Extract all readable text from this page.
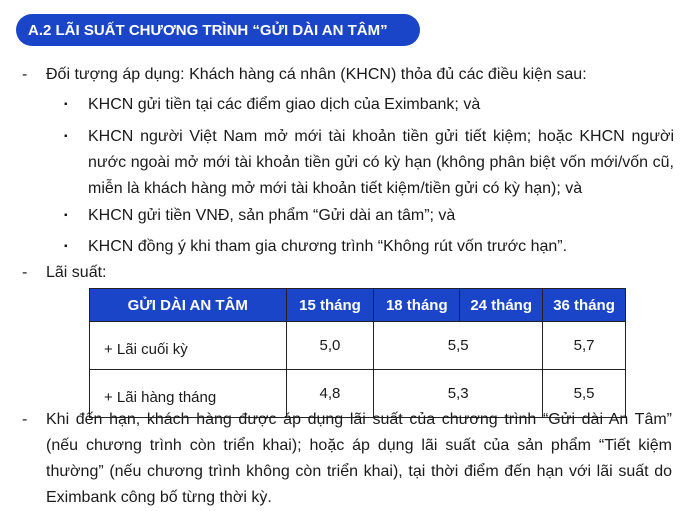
A.2 LÃI SUẤT CHƯƠNG TRÌNH “GỬI DÀI AN TÂM”
- Đối tượng áp dụng: Khách hàng cá nhân (KHCN) thỏa đủ các điều kiện sau:
▪ KHCN gửi tiền tại các điểm giao dịch của Eximbank; và
▪ KHCN người Việt Nam mở mới tài khoản tiền gửi tiết kiệm; hoặc KHCN người nước ngoài mở mới tài khoản tiền gửi có kỳ hạn (không phân biệt vốn mới/vốn cũ, miễn là khách hàng mở mới tài khoản tiết kiệm/tiền gửi có kỳ hạn); và
▪ KHCN gửi tiền VNĐ, sản phẩm “Gửi dài an tâm”; và
▪ KHCN đồng ý khi tham gia chương trình “Không rút vốn trước hạn”.
- Lãi suất:
GỬI DÀI AN TÂM	15 tháng	18 tháng	24 tháng	36 tháng
+ Lãi cuối kỳ	5,0	5,5		5,7
+ Lãi hàng tháng	4,8	5,3		5,5
- Khi đến hạn, khách hàng được áp dụng lãi suất của chương trình “Gửi dài An Tâm” (nếu chương trình còn triển khai); hoặc áp dụng lãi suất của sản phẩm “Tiết kiệm thường” (nếu chương trình không còn triển khai), tại thời điểm đến hạn với lãi suất do Eximbank công bố từng thời kỳ.
